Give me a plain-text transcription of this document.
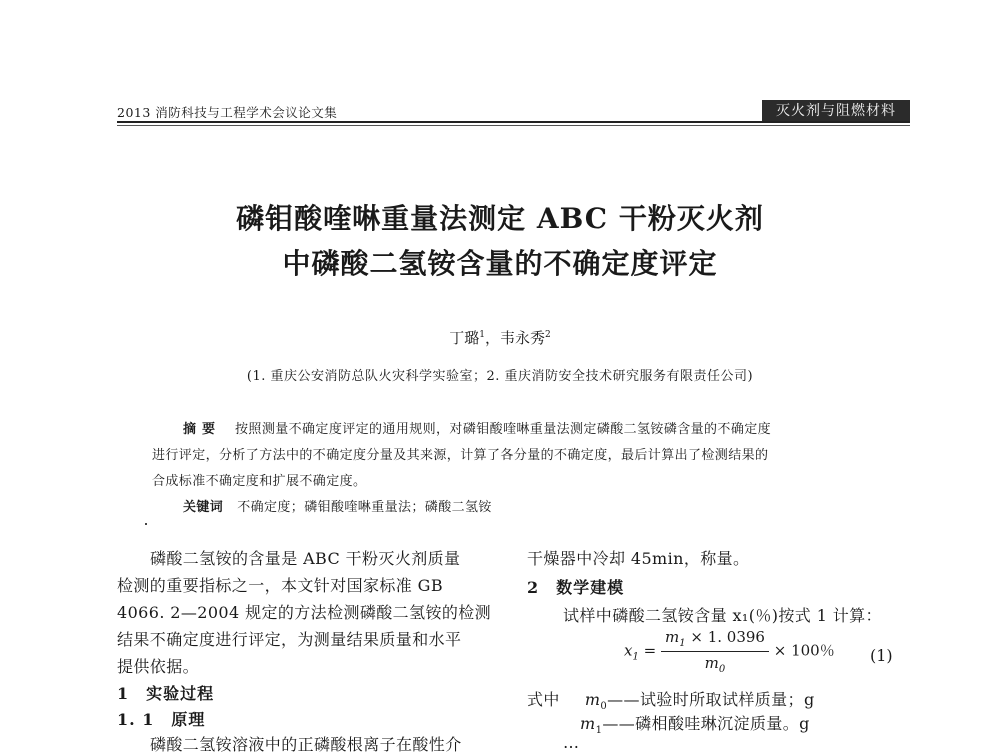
2013 消防科技与工程学术会议论文集	灭火剂与阻燃材料
磷钼酸喹啉重量法测定 ABC 干粉灭火剂
中磷酸二氢铵含量的不确定度评定
丁璐$^1$，韦永秀$^2$
(1. 重庆公安消防总队火灾科学实验室；2. 重庆消防安全技术研究服务有限责任公司)
摘要 按照测量不确定度评定的通用规则，对磷钼酸喹啉重量法测定磷酸二氢铵磷含量的不确定度
进行评定，分析了方法中的不确定度分量及其来源，计算了各分量的不确定度，最后计算出了检测结果的
合成标准不确定度和扩展不确定度。
关键词 不确定度；磷钼酸喹啉重量法；磷酸二氢铵
磷酸二氢铵的含量是 ABC 干粉灭火剂质量
检测的重要指标之一，本文针对国家标准 GB
4066. 2—2004 规定的方法检测磷酸二氢铵的检测
结果不确定度进行评定，为测量结果质量和水平
提供依据。
1　实验过程
1. 1　原理
磷酸二氢铵溶液中的正磷酸根离子在酸性介
干燥器中冷却 45min，称量。
2　数学建模
试样中磷酸二氢铵含量 x₁(％)按式 1 计算：
$x_1 = \frac{m_1 \times 1. 0396}{m_0} \times 100$％ (1)
式中 $m_0——$试验时所取试样质量；g
$m_1——$磷相酸哇琳沉淀质量。g
…
